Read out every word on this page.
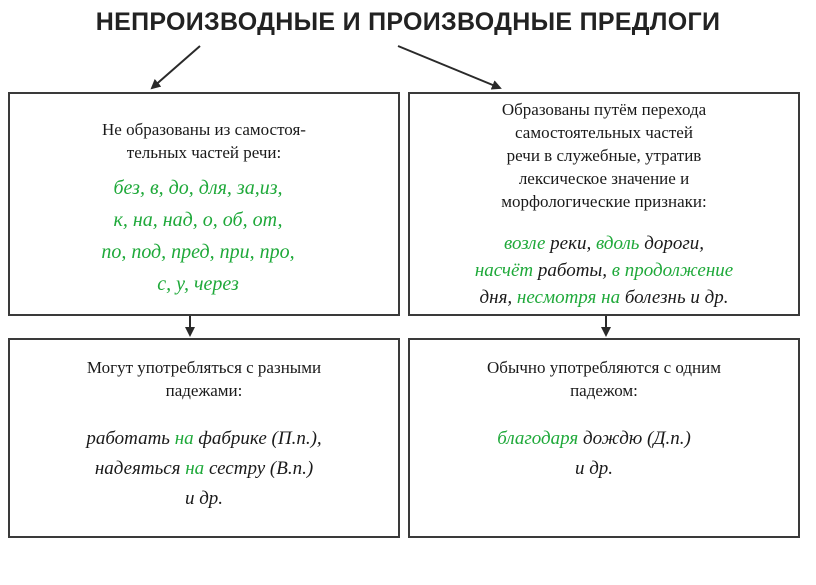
НЕПРОИЗВОДНЫЕ И ПРОИЗВОДНЫЕ ПРЕДЛОГИ
Не образованы из самостоя-
тельных частей речи:
без, в, до, для, за,из,
к, на, над, о, об, от,
по, под, пред, при, про,
с, у, через
Образованы путём перехода
самостоятельных частей
речи в служебные, утратив
лексическое значение и
морфологические признаки:
возле реки, вдоль дороги,
насчёт работы, в продолжение
дня, несмотря на болезнь и др.
Могут употребляться с разными
падежами:
работать на фабрике (П.п.),
надеяться на сестру (В.п.)
и др.
Обычно употребляются с одним
падежом:
благодаря дождю (Д.п.)
и др.
